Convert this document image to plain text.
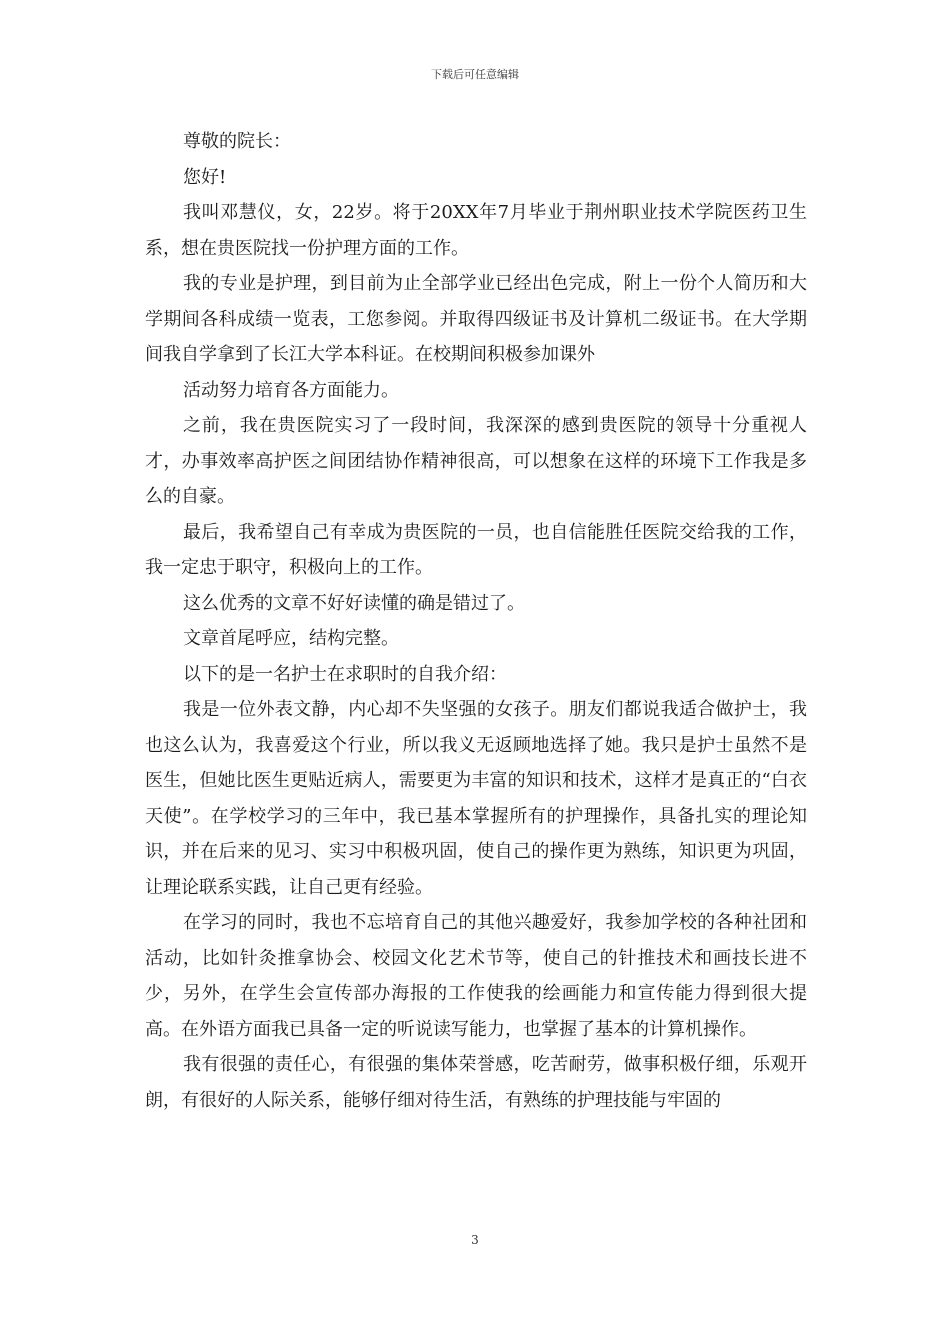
下载后可任意编辑

尊敬的院长：

您好!

我叫邓慧仪，女，22岁。将于20XX年7月毕业于荆州职业技术学院医药卫生系，想在贵医院找一份护理方面的工作。

我的专业是护理，到目前为止全部学业已经出色完成，附上一份个人简历和大学期间各科成绩一览表，工您参阅。并取得四级证书及计算机二级证书。在大学期间我自学拿到了长江大学本科证。在校期间积极参加课外

活动努力培育各方面能力。

之前，我在贵医院实习了一段时间，我深深的感到贵医院的领导十分重视人才，办事效率高护医之间团结协作精神很高，可以想象在这样的环境下工作我是多么的自豪。

最后，我希望自己有幸成为贵医院的一员，也自信能胜任医院交给我的工作，我一定忠于职守，积极向上的工作。

这么优秀的文章不好好读懂的确是错过了。

文章首尾呼应，结构完整。

以下的是一名护士在求职时的自我介绍：

我是一位外表文静，内心却不失坚强的女孩子。朋友们都说我适合做护士，我也这么认为，我喜爱这个行业，所以我义无返顾地选择了她。我只是护士虽然不是医生，但她比医生更贴近病人，需要更为丰富的知识和技术，这样才是真正的“白衣天使”。在学校学习的三年中，我已基本掌握所有的护理操作，具备扎实的理论知识，并在后来的见习、实习中积极巩固，使自己的操作更为熟练，知识更为巩固，让理论联系实践，让自己更有经验。

在学习的同时，我也不忘培育自己的其他兴趣爱好，我参加学校的各种社团和活动，比如针灸推拿协会、校园文化艺术节等，使自己的针推技术和画技长进不少，另外，在学生会宣传部办海报的工作使我的绘画能力和宣传能力得到很大提高。在外语方面我已具备一定的听说读写能力，也掌握了基本的计算机操作。

我有很强的责任心，有很强的集体荣誉感，吃苦耐劳，做事积极仔细，乐观开朗，有很好的人际关系，能够仔细对待生活，有熟练的护理技能与牢固的

3
